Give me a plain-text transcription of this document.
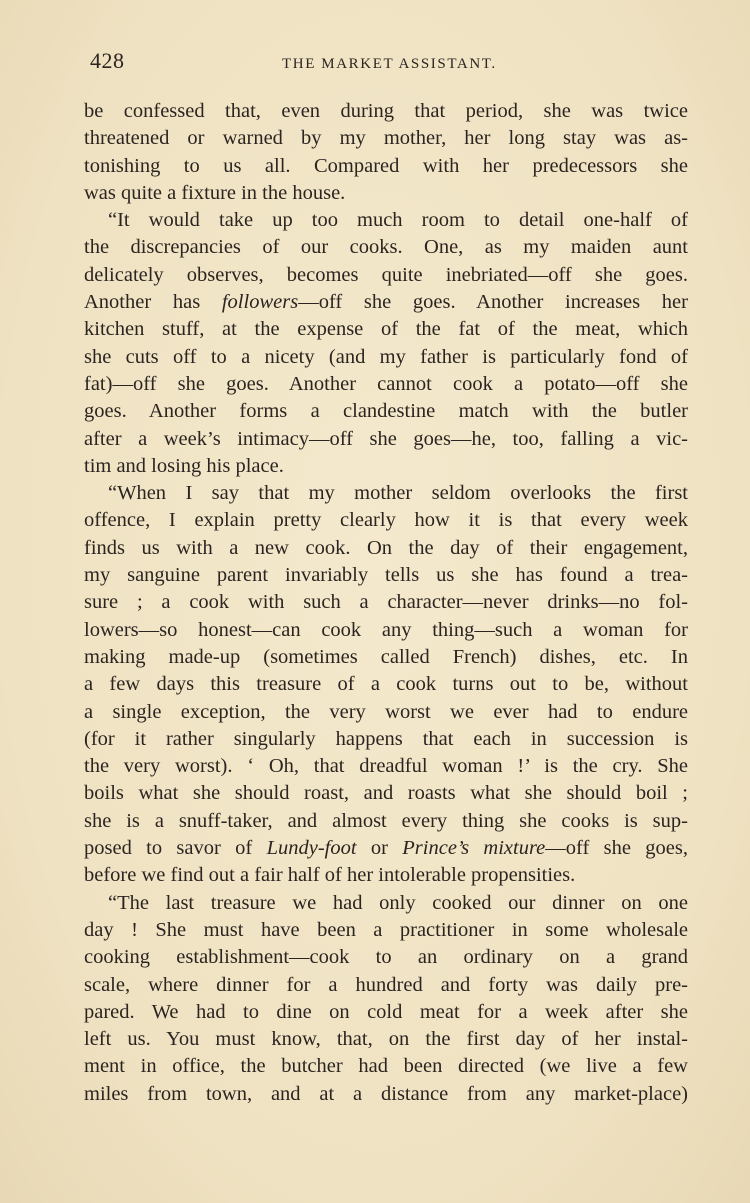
428	THE MARKET ASSISTANT.
be confessed that, even during that period, she was twice
threatened or warned by my mother, her long stay was as-
tonishing to us all. Compared with her predecessors she
was quite a fixture in the house.
“It would take up too much room to detail one-half of
the discrepancies of our cooks. One, as my maiden aunt
delicately observes, becomes quite inebriated—off she goes.
Another has followers—off she goes. Another increases her
kitchen stuff, at the expense of the fat of the meat, which
she cuts off to a nicety (and my father is particularly fond of
fat)—off she goes. Another cannot cook a potato—off she
goes. Another forms a clandestine match with the butler
after a week’s intimacy—off she goes—he, too, falling a vic-
tim and losing his place.
“When I say that my mother seldom overlooks the first
offence, I explain pretty clearly how it is that every week
finds us with a new cook. On the day of their engagement,
my sanguine parent invariably tells us she has found a trea-
sure ; a cook with such a character—never drinks—no fol-
lowers—so honest—can cook any thing—such a woman for
making made-up (sometimes called French) dishes, etc. In
a few days this treasure of a cook turns out to be, without
a single exception, the very worst we ever had to endure
(for it rather singularly happens that each in succession is
the very worst). ‘ Oh, that dreadful woman !’ is the cry. She
boils what she should roast, and roasts what she should boil ;
she is a snuff-taker, and almost every thing she cooks is sup-
posed to savor of Lundy-foot or Prince’s mixture—off she goes,
before we find out a fair half of her intolerable propensities.
“The last treasure we had only cooked our dinner on one
day ! She must have been a practitioner in some wholesale
cooking establishment—cook to an ordinary on a grand
scale, where dinner for a hundred and forty was daily pre-
pared. We had to dine on cold meat for a week after she
left us. You must know, that, on the first day of her instal-
ment in office, the butcher had been directed (we live a few
miles from town, and at a distance from any market-place)
